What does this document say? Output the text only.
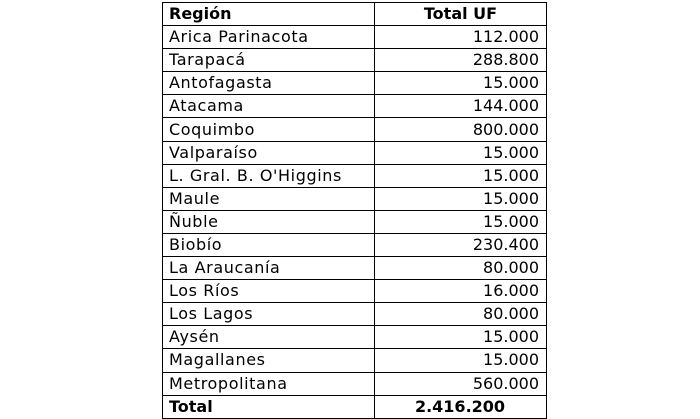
Región	Total UF
Arica Parinacota	112.000
Tarapacá	288.800
Antofagasta	15.000
Atacama	144.000
Coquimbo	800.000
Valparaíso	15.000
L. Gral. B. O'Higgins	15.000
Maule	15.000
Ñuble	15.000
Biobío	230.400
La Araucanía	80.000
Los Ríos	16.000
Los Lagos	80.000
Aysén	15.000
Magallanes	15.000
Metropolitana	560.000
Total	2.416.200
